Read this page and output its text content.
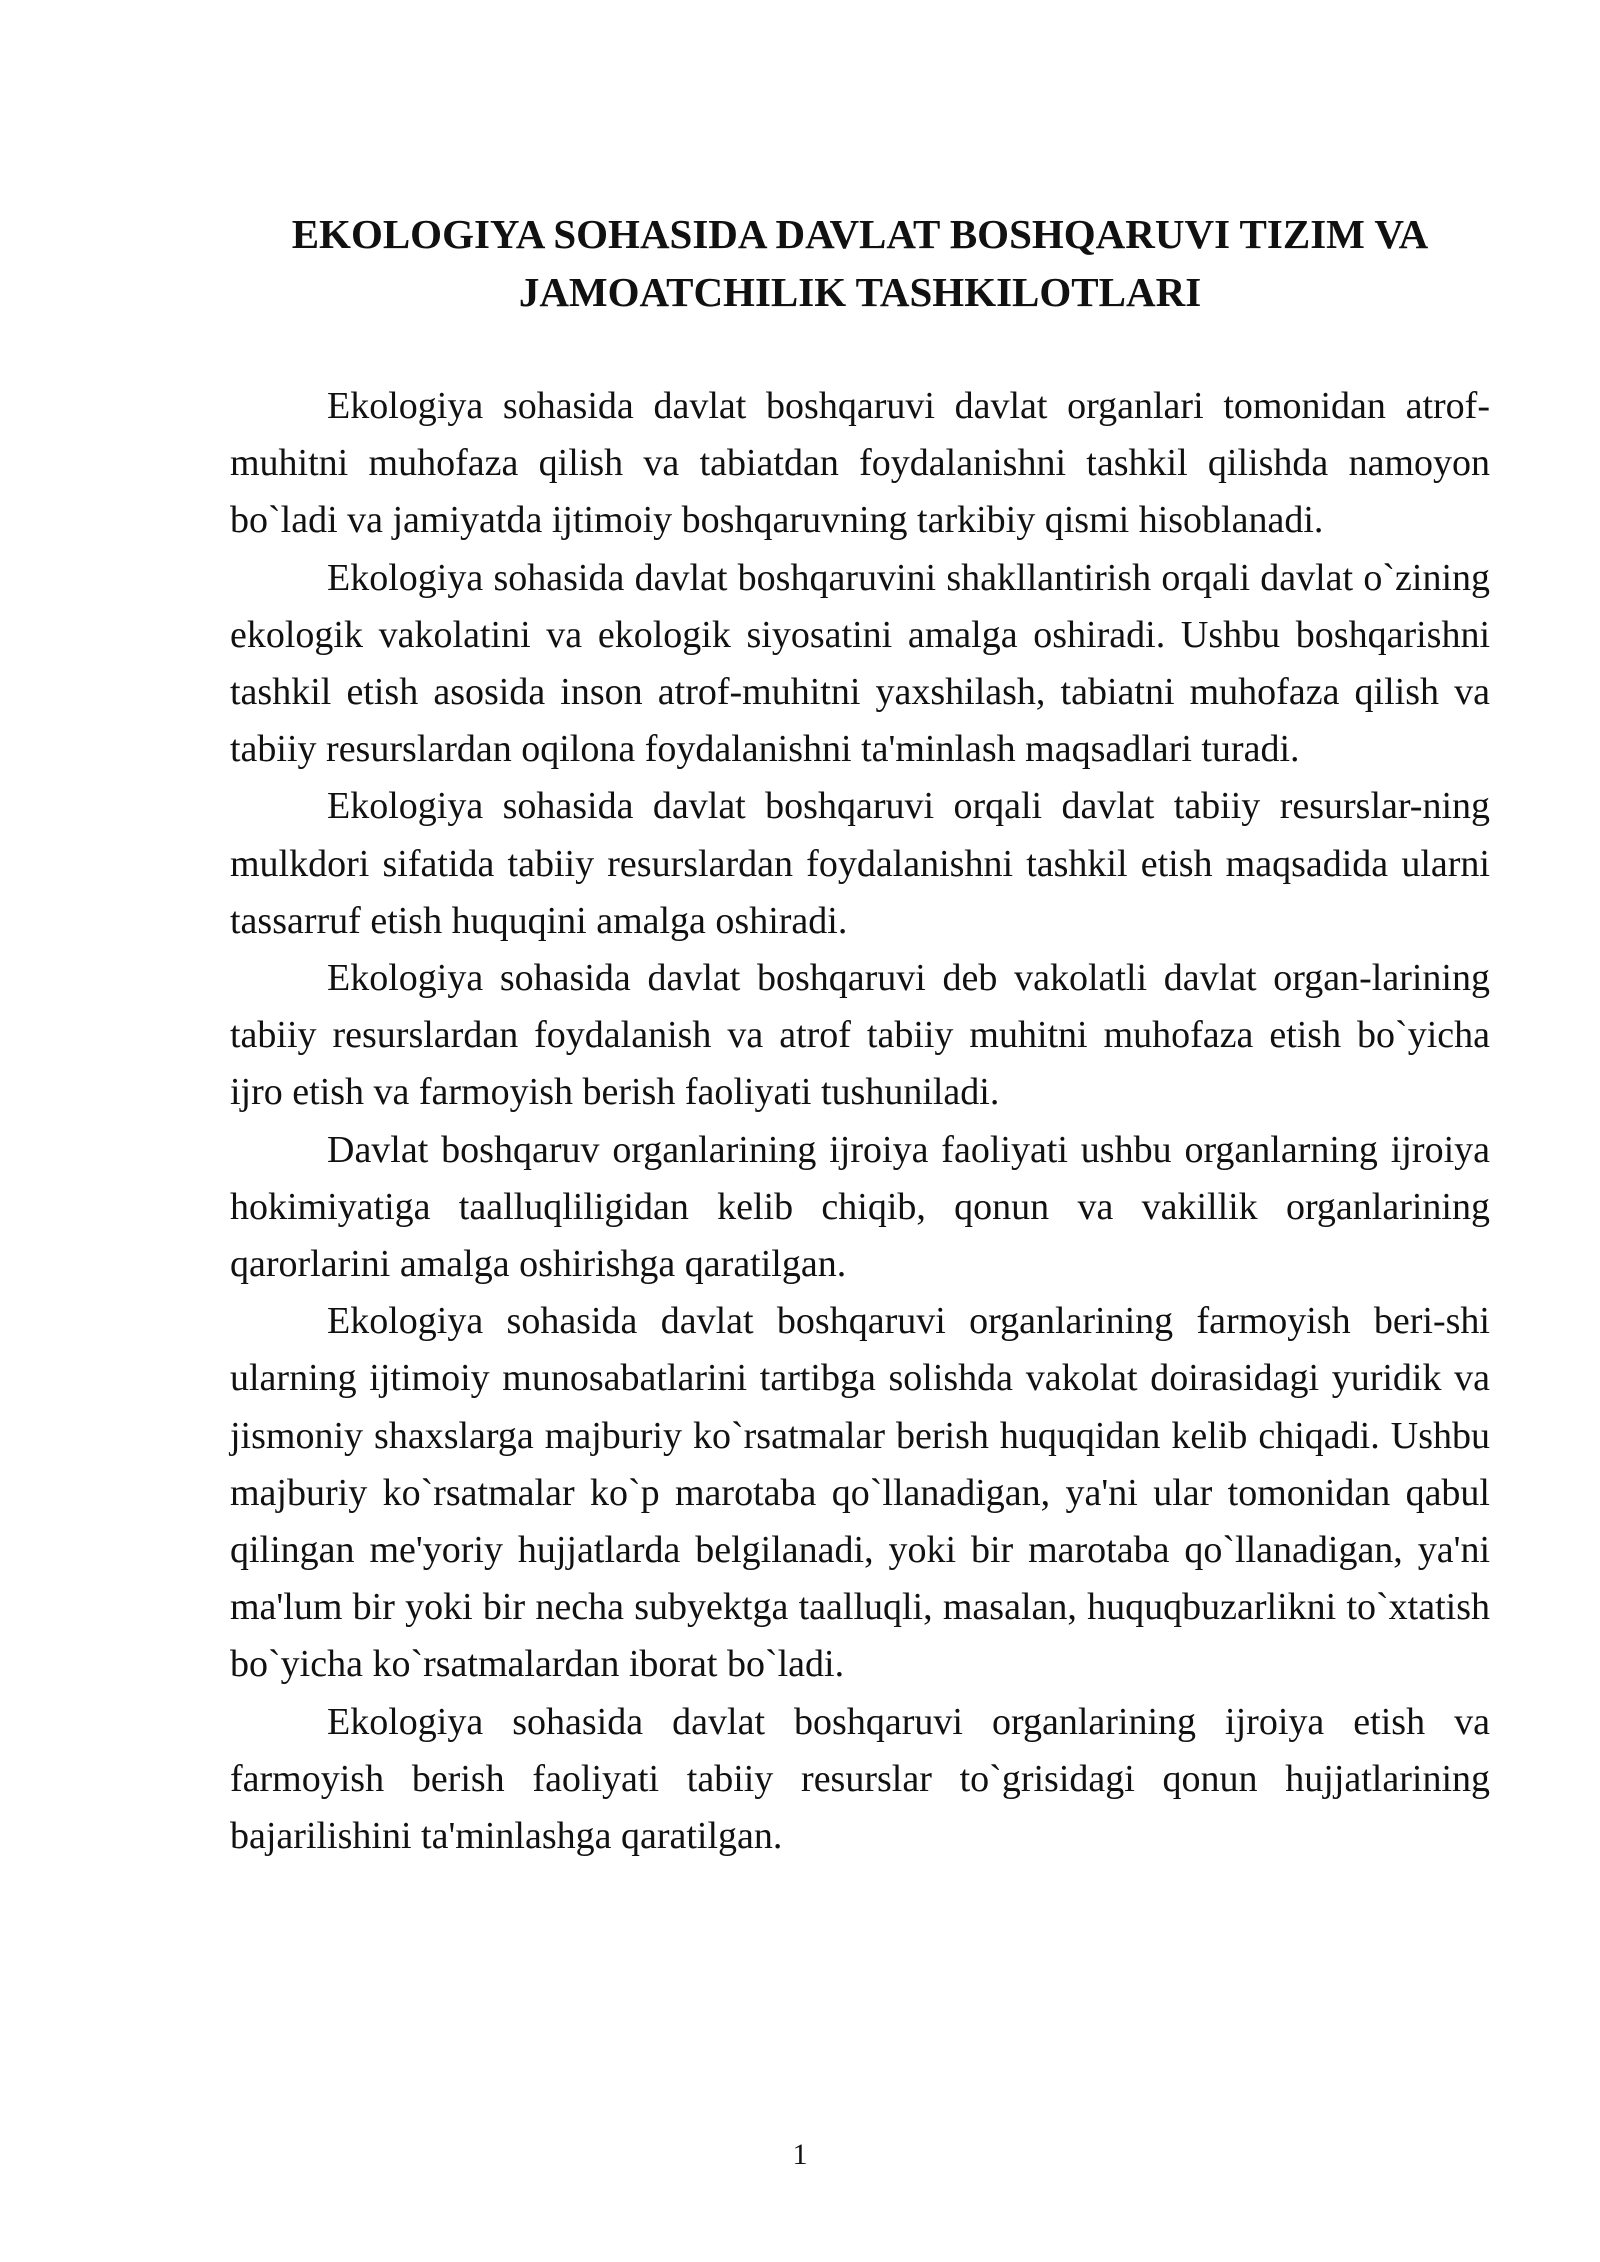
EKOLOGIYA SOHASIDA DAVLAT BOSHQARUVI TIZIM VA
JAMOATCHILIK TASHKILOTLARI

Ekologiya sohasida davlat boshqaruvi davlat organlari tomonidan atrof-muhitni muhofaza qilish va tabiatdan foydalanishni tashkil qilishda namoyon bo`ladi va jamiyatda ijtimoiy boshqaruvning tarkibiy qismi hisoblanadi.

Ekologiya sohasida davlat boshqaruvini shakllantirish orqali davlat o`zining ekologik vakolatini va ekologik siyosatini amalga oshiradi. Ushbu boshqarishni tashkil etish asosida inson atrof-muhitni yaxshilash, tabiatni muhofaza qilish va tabiiy resurslardan oqilona foydalanishni ta'minlash maqsadlari turadi.

Ekologiya sohasida davlat boshqaruvi orqali davlat tabiiy resurslar-ning mulkdori sifatida tabiiy resurslardan foydalanishni tashkil etish maqsadida ularni tassarruf etish huquqini amalga oshiradi.

Ekologiya sohasida davlat boshqaruvi deb vakolatli davlat organ-larining tabiiy resurslardan foydalanish va atrof tabiiy muhitni muhofaza etish bo`yicha ijro etish va farmoyish berish faoliyati tushuniladi.

Davlat boshqaruv organlarining ijroiya faoliyati ushbu organlarning ijroiya hokimiyatiga taalluqliligidan kelib chiqib, qonun va vakillik organlarining qarorlarini amalga oshirishga qaratilgan.

Ekologiya sohasida davlat boshqaruvi organlarining farmoyish beri-shi ularning ijtimoiy munosabatlarini tartibga solishda vakolat doirasidagi yuridik va jismoniy shaxslarga majburiy ko`rsatmalar berish huquqidan kelib chiqadi. Ushbu majburiy ko`rsatmalar ko`p marotaba qo`llanadigan, ya'ni ular tomonidan qabul qilingan me'yoriy hujjatlarda belgilanadi, yoki bir marotaba qo`llanadigan, ya'ni ma'lum bir yoki bir necha subyektga taalluqli, masalan, huquqbuzarlikni to`xtatish bo`yicha ko`rsatmalardan iborat bo`ladi.

Ekologiya sohasida davlat boshqaruvi organlarining ijroiya etish va farmoyish berish faoliyati tabiiy resurslar to`grisidagi qonun hujjatlarining bajarilishini ta'minlashga qaratilgan.

1
